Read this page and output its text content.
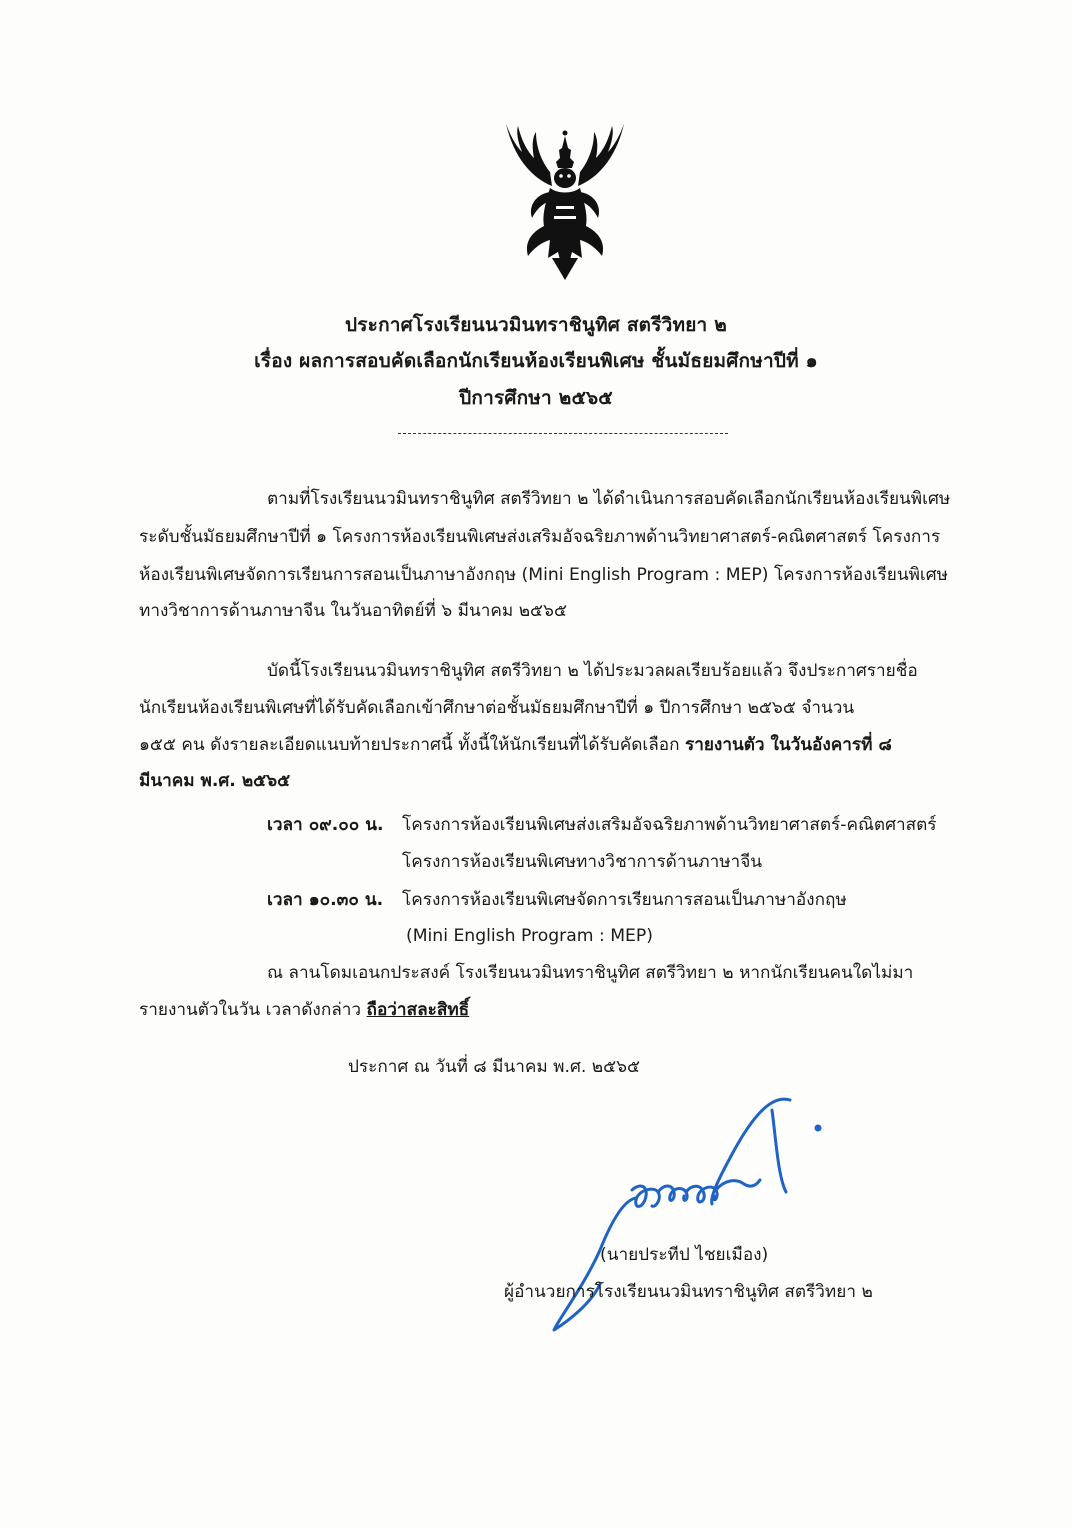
ประกาศโรงเรียนนวมินทราชินูทิศ สตรีวิทยา ๒
เรื่อง ผลการสอบคัดเลือกนักเรียนห้องเรียนพิเศษ ชั้นมัธยมศึกษาปีที่ ๑
ปีการศึกษา ๒๕๖๕
ตามที่โรงเรียนนวมินทราชินูทิศ สตรีวิทยา ๒ ได้ดำเนินการสอบคัดเลือกนักเรียนห้องเรียนพิเศษ
ระดับชั้นมัธยมศึกษาปีที่ ๑ โครงการห้องเรียนพิเศษส่งเสริมอัจฉริยภาพด้านวิทยาศาสตร์-คณิตศาสตร์ โครงการ
ห้องเรียนพิเศษจัดการเรียนการสอนเป็นภาษาอังกฤษ (Mini English Program : MEP) โครงการห้องเรียนพิเศษ
ทางวิชาการด้านภาษาจีน ในวันอาทิตย์ที่ ๖ มีนาคม ๒๕๖๕
บัดนี้โรงเรียนนวมินทราชินูทิศ สตรีวิทยา ๒ ได้ประมวลผลเรียบร้อยแล้ว จึงประกาศรายชื่อ
นักเรียนห้องเรียนพิเศษที่ได้รับคัดเลือกเข้าศึกษาต่อชั้นมัธยมศึกษาปีที่ ๑ ปีการศึกษา ๒๕๖๕ จำนวน
๑๕๕ คน ดังรายละเอียดแนบท้ายประกาศนี้ ทั้งนี้ให้นักเรียนที่ได้รับคัดเลือก รายงานตัว ในวันอังคารที่ ๘
มีนาคม พ.ศ. ๒๕๖๕
เวลา ๐๙.๐๐ น. โครงการห้องเรียนพิเศษส่งเสริมอัจฉริยภาพด้านวิทยาศาสตร์-คณิตศาสตร์
โครงการห้องเรียนพิเศษทางวิชาการด้านภาษาจีน
เวลา ๑๐.๓๐ น. โครงการห้องเรียนพิเศษจัดการเรียนการสอนเป็นภาษาอังกฤษ
(Mini English Program : MEP)
ณ ลานโดมเอนกประสงค์ โรงเรียนนวมินทราชินูทิศ สตรีวิทยา ๒ หากนักเรียนคนใดไม่มา
รายงานตัวในวัน เวลาดังกล่าว ถือว่าสละสิทธิ์
ประกาศ ณ วันที่ ๘ มีนาคม พ.ศ. ๒๕๖๕
(นายประทีป ไชยเมือง)
ผู้อำนวยการโรงเรียนนวมินทราชินูทิศ สตรีวิทยา ๒
